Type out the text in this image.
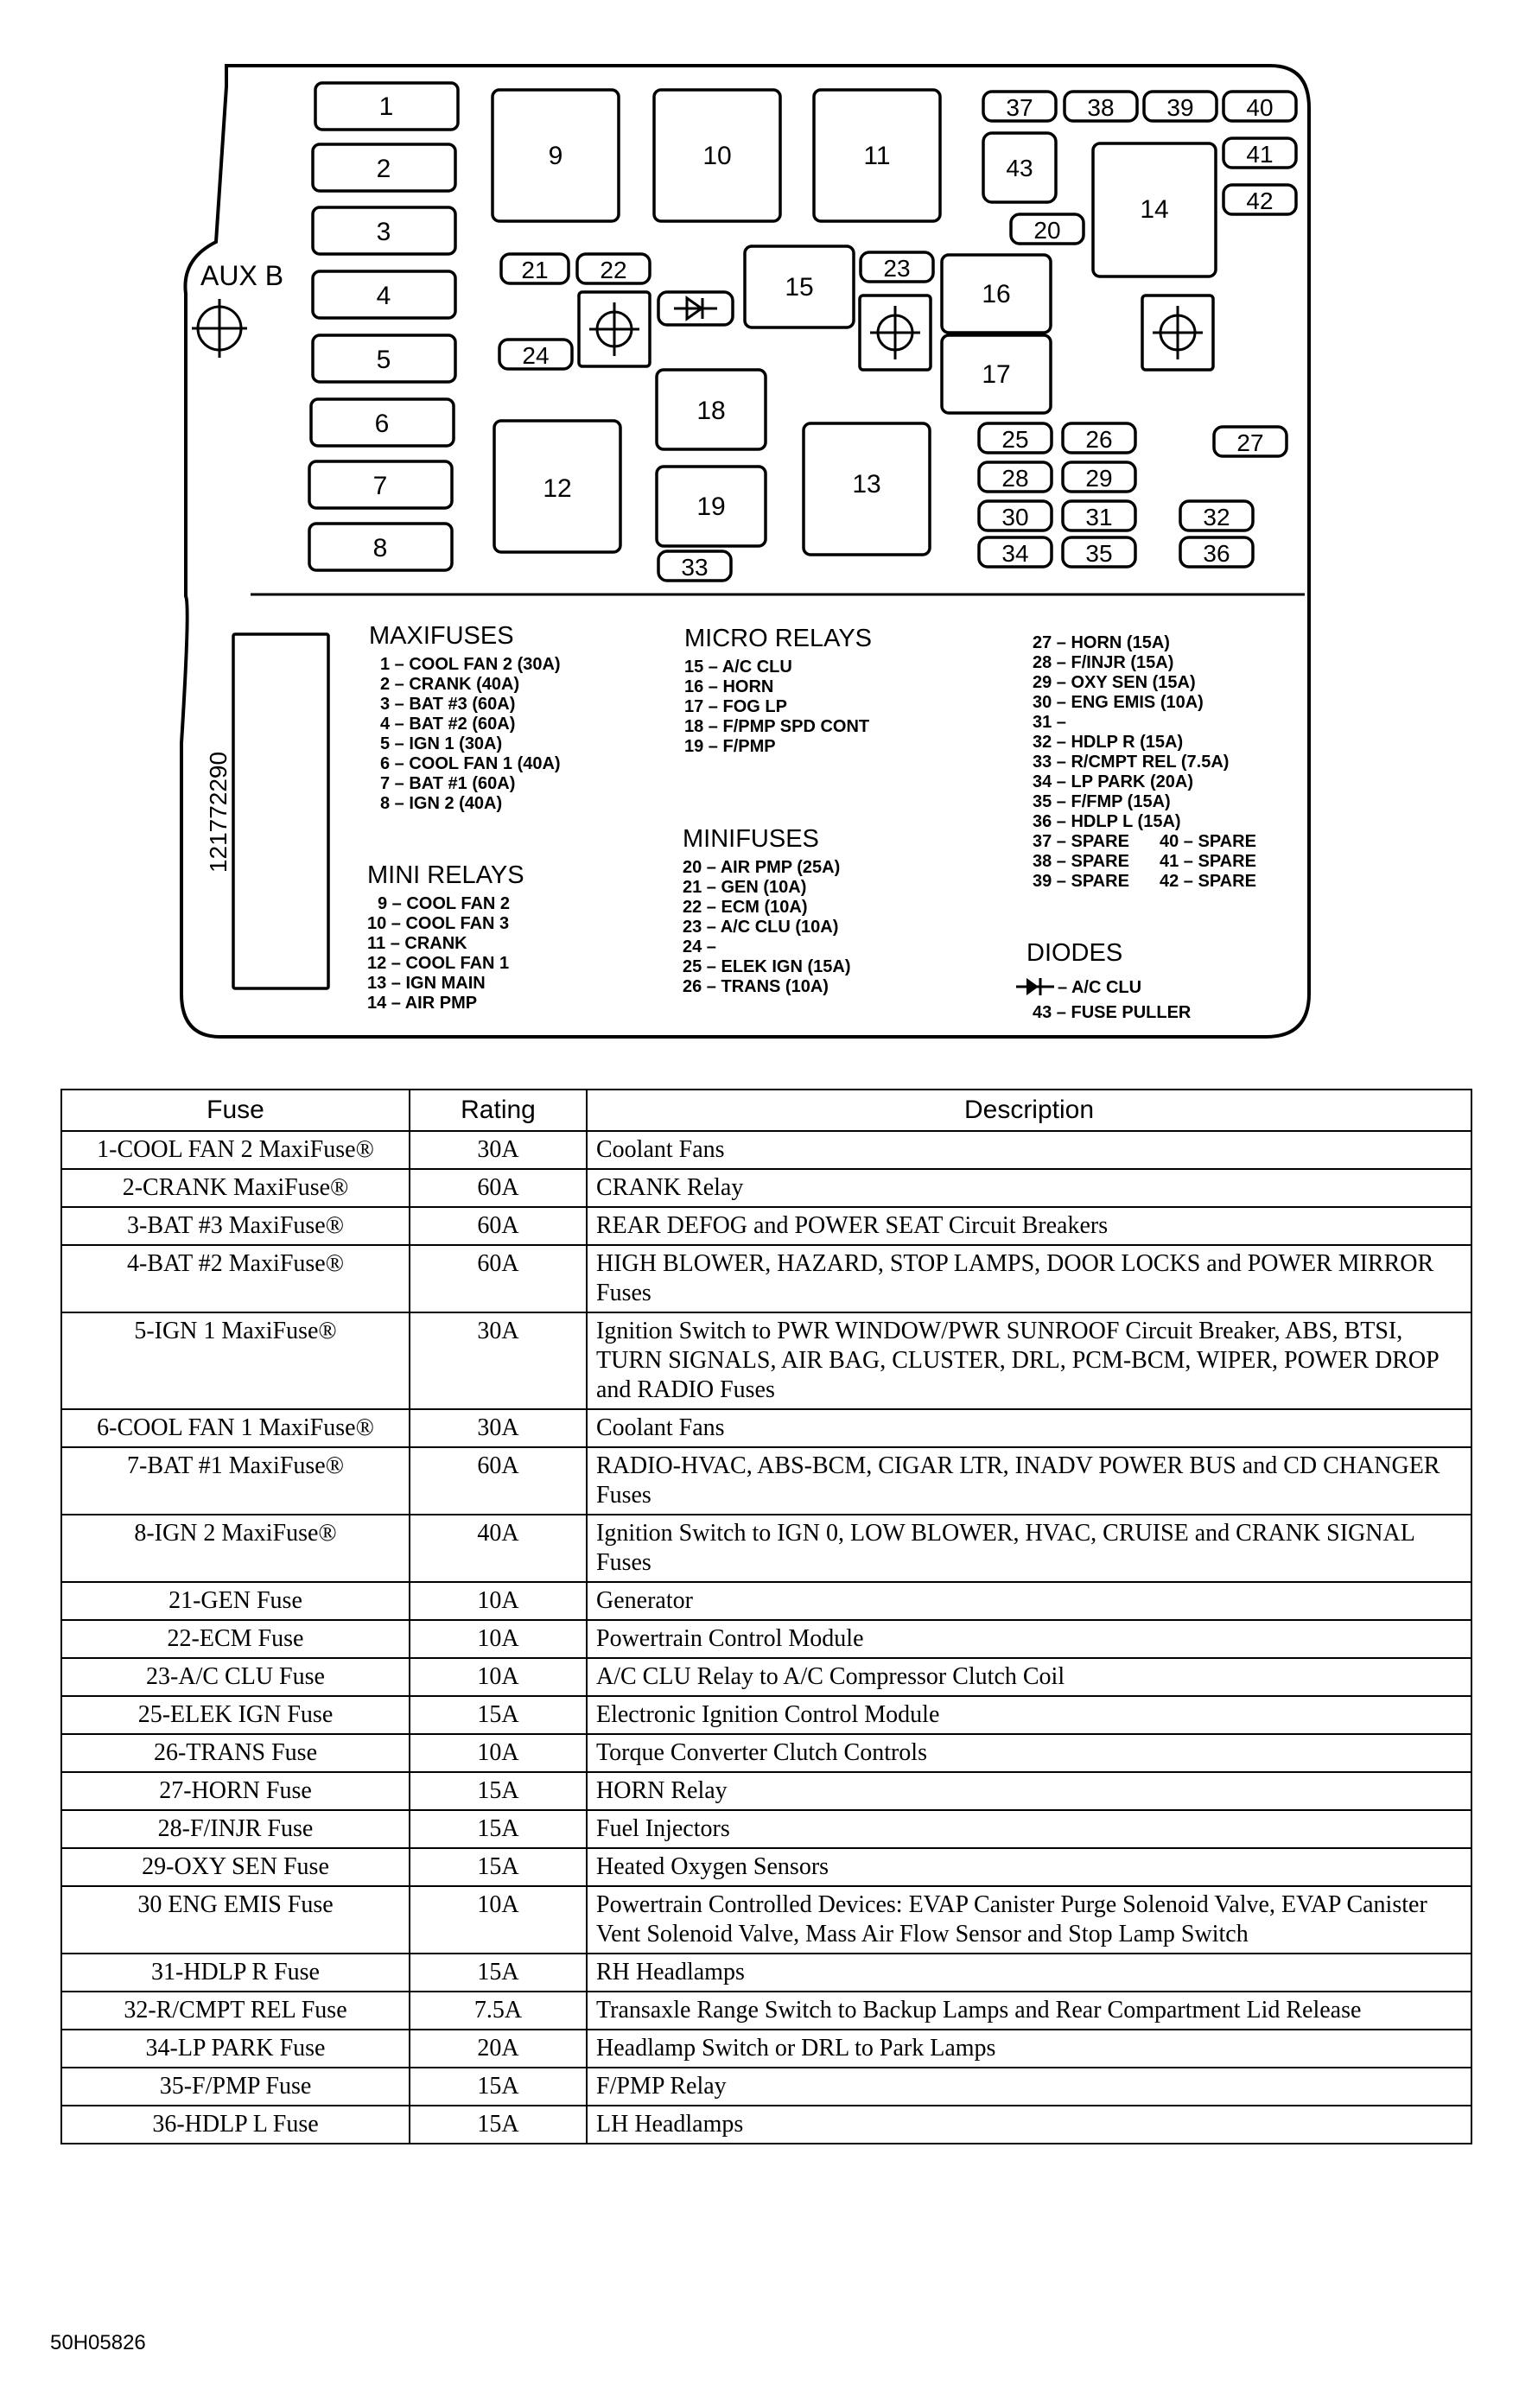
AUX B
1
2
3
4
5
6
7
8
9	10	11
12	13
14
15	16
17
18
19
20
21 22	23
24
25 26	27
28 29
30 31	32
33
34 35	36
37 38 39 40
41
42
43
121772290
MAXIFUSES
1 – COOL FAN 2 (30A)
2 – CRANK (40A)
3 – BAT #3 (60A)
4 – BAT #2 (60A)
5 – IGN 1 (30A)
6 – COOL FAN 1 (40A)
7 – BAT #1 (60A)
8 – IGN 2 (40A)
MINI RELAYS
9 – COOL FAN 2
10 – COOL FAN 3
11 – CRANK
12 – COOL FAN 1
13 – IGN MAIN
14 – AIR PMP
MICRO RELAYS
15 – A/C CLU
16 – HORN
17 – FOG LP
18 – F/PMP SPD CONT
19 – F/PMP
MINIFUSES
20 – AIR PMP (25A)
21 – GEN (10A)
22 – ECM (10A)
23 – A/C CLU (10A)
24 –
25 – ELEK IGN (15A)
26 – TRANS (10A)
27 – HORN (15A)
28 – F/INJR (15A)
29 – OXY SEN (15A)
30 – ENG EMIS (10A)
31 –
32 – HDLP R (15A)
33 – R/CMPT REL (7.5A)
34 – LP PARK (20A)
35 – F/FMP (15A)
36 – HDLP L (15A)
37 – SPARE
38 – SPARE
39 – SPARE
40 – SPARE
41 – SPARE
42 – SPARE
DIODES
– A/C CLU
43 – FUSE PULLER
Fuse	Rating	Description
1-COOL FAN 2 MaxiFuse®	30A	Coolant Fans
2-CRANK MaxiFuse®	60A	CRANK Relay
3-BAT #3 MaxiFuse®	60A	REAR DEFOG and POWER SEAT Circuit Breakers
4-BAT #2 MaxiFuse®	60A	HIGH BLOWER, HAZARD, STOP LAMPS, DOOR LOCKS and POWER MIRROR Fuses
5-IGN 1 MaxiFuse®	30A	Ignition Switch to PWR WINDOW/PWR SUNROOF Circuit Breaker, ABS, BTSI, TURN SIGNALS, AIR BAG, CLUSTER, DRL, PCM-BCM, WIPER, POWER DROP and RADIO Fuses
6-COOL FAN 1 MaxiFuse®	30A	Coolant Fans
7-BAT #1 MaxiFuse®	60A	RADIO-HVAC, ABS-BCM, CIGAR LTR, INADV POWER BUS and CD CHANGER Fuses
8-IGN 2 MaxiFuse®	40A	Ignition Switch to IGN 0, LOW BLOWER, HVAC, CRUISE and CRANK SIGNAL Fuses
21-GEN Fuse	10A	Generator
22-ECM Fuse	10A	Powertrain Control Module
23-A/C CLU Fuse	10A	A/C CLU Relay to A/C Compressor Clutch Coil
25-ELEK IGN Fuse	15A	Electronic Ignition Control Module
26-TRANS Fuse	10A	Torque Converter Clutch Controls
27-HORN Fuse	15A	HORN Relay
28-F/INJR Fuse	15A	Fuel Injectors
29-OXY SEN Fuse	15A	Heated Oxygen Sensors
30 ENG EMIS Fuse	10A	Powertrain Controlled Devices: EVAP Canister Purge Solenoid Valve, EVAP Canister Vent Solenoid Valve, Mass Air Flow Sensor and Stop Lamp Switch
31-HDLP R Fuse	15A	RH Headlamps
32-R/CMPT REL Fuse	7.5A	Transaxle Range Switch to Backup Lamps and Rear Compartment Lid Release
34-LP PARK Fuse	20A	Headlamp Switch or DRL to Park Lamps
35-F/PMP Fuse	15A	F/PMP Relay
36-HDLP L Fuse	15A	LH Headlamps
50H05826
